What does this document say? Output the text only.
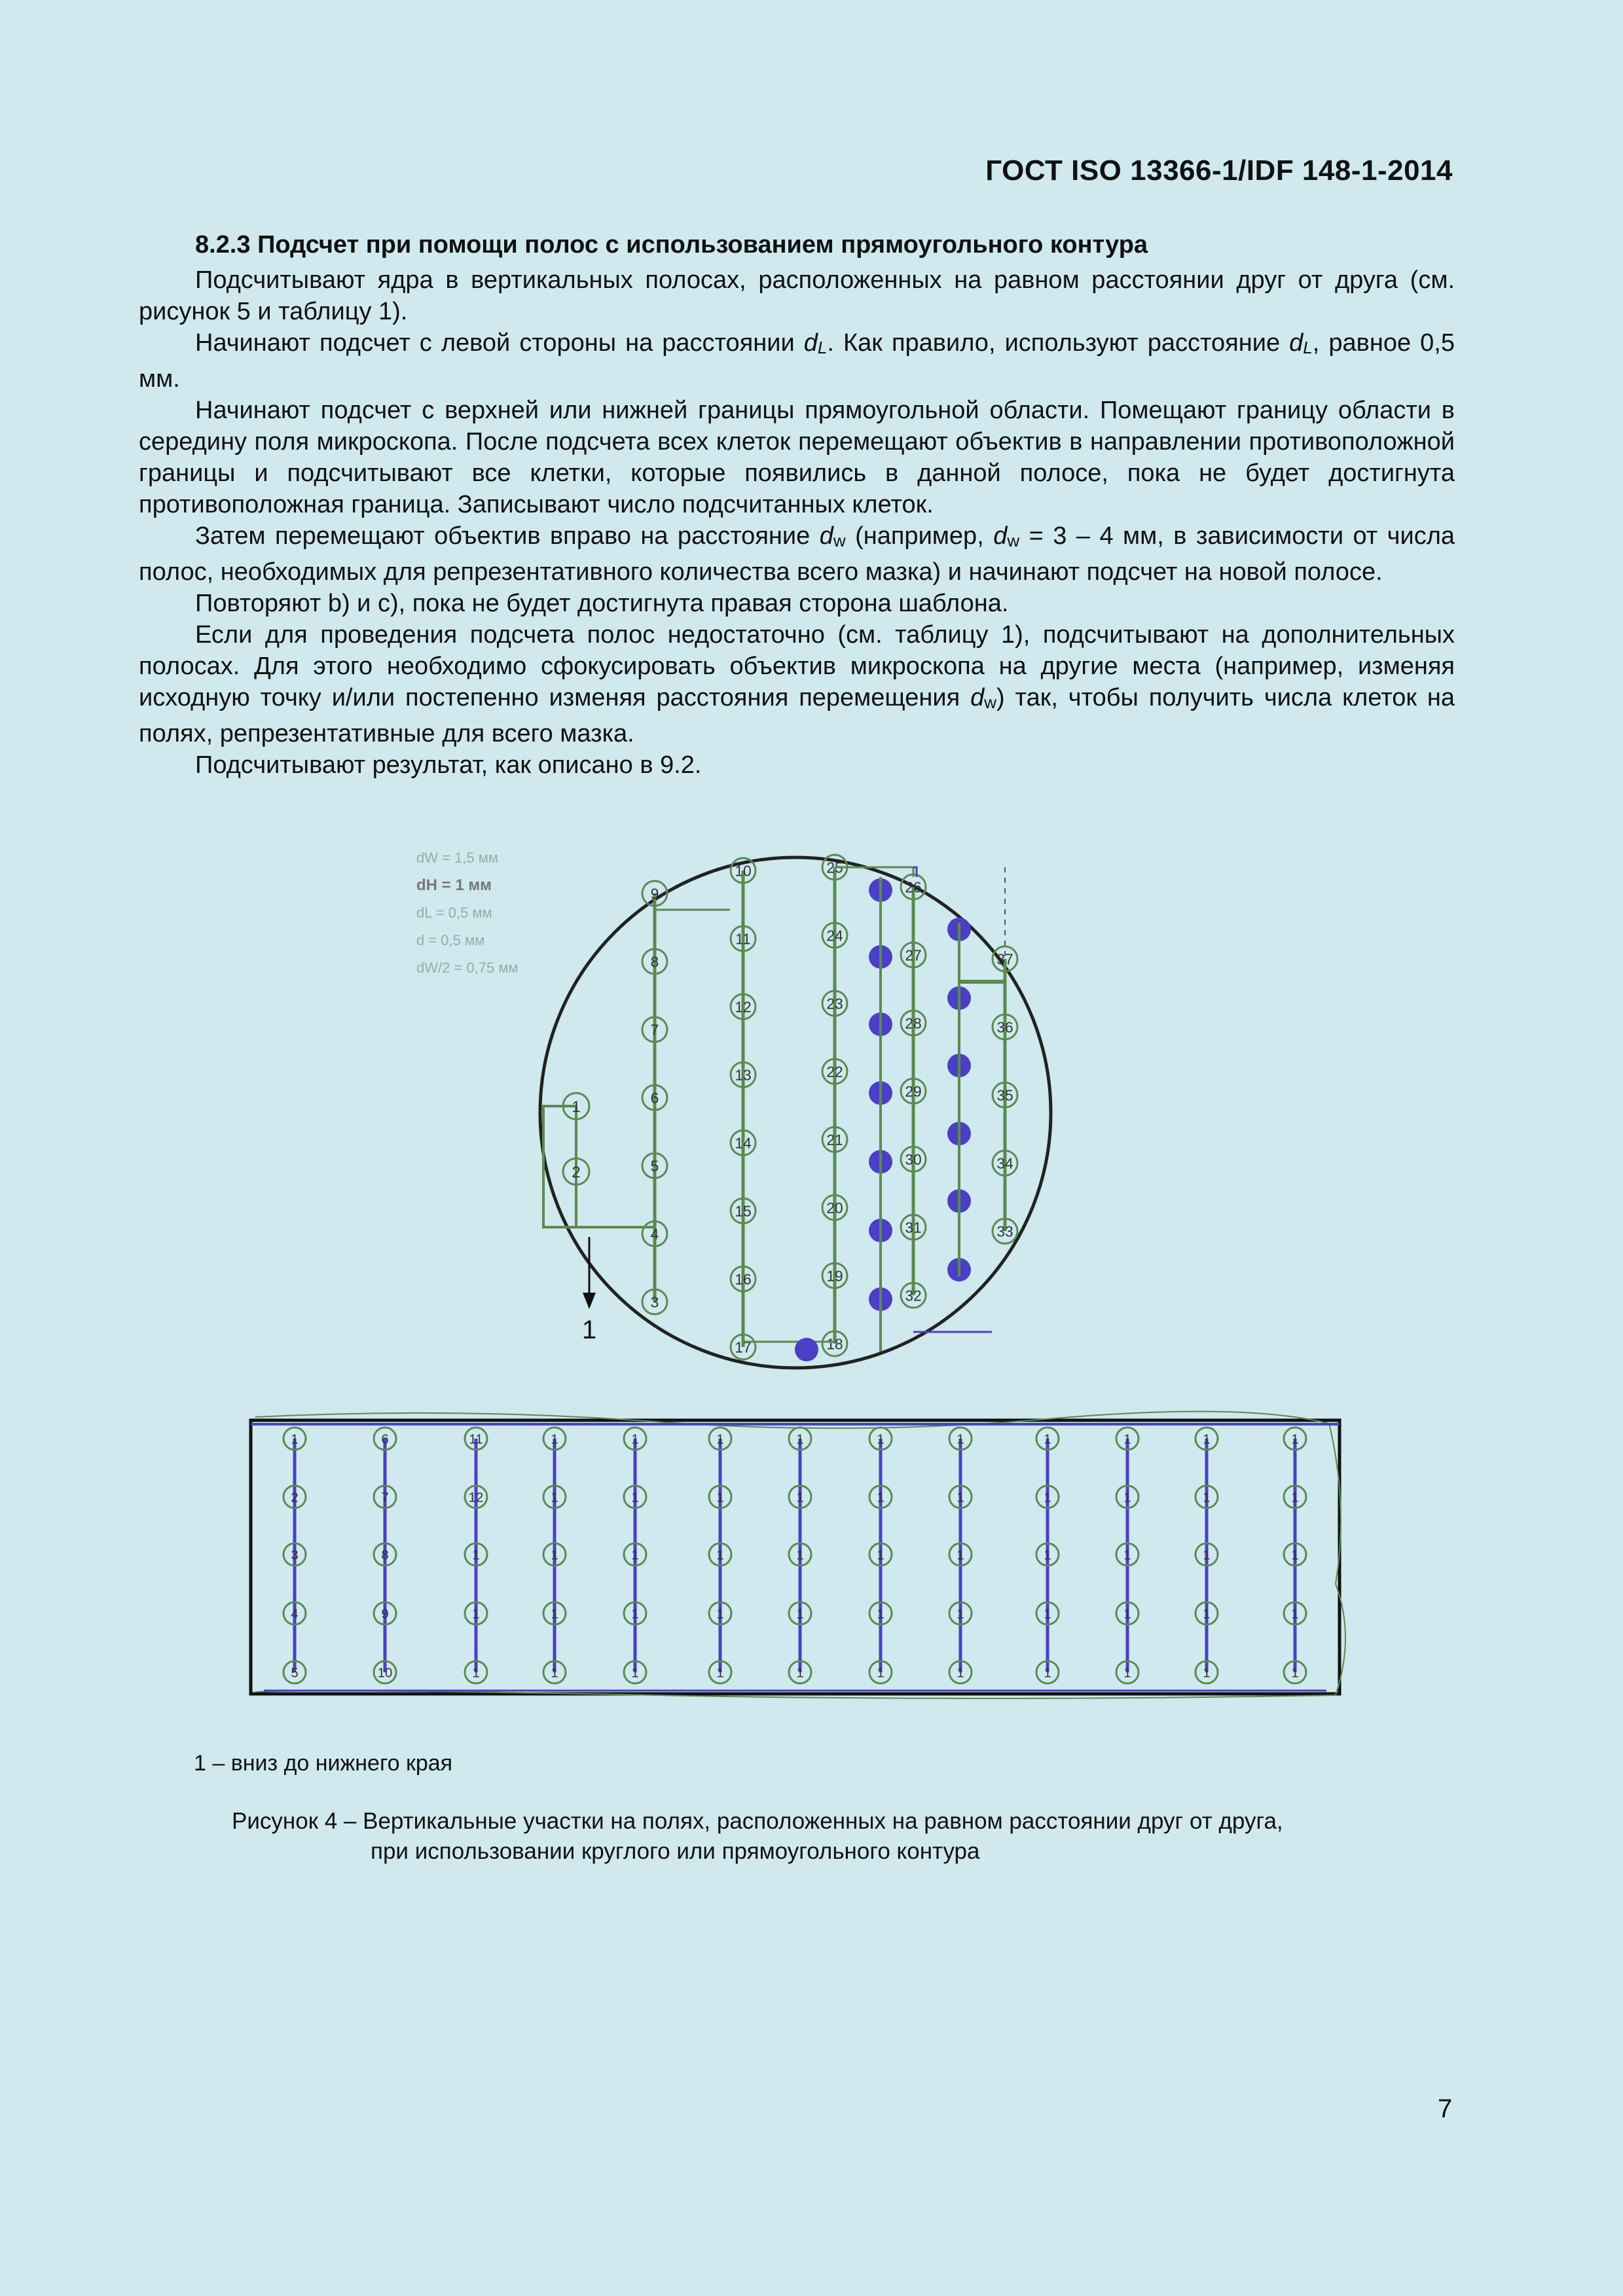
ГОСТ ISO 13366-1/IDF 148-1-2014
8.2.3 Подсчет при помощи полос с использованием прямоугольного контура

Подсчитывают ядра в вертикальных полосах, расположенных на равном расстоянии друг от друга (см. рисунок 5 и таблицу 1).

Начинают подсчет с левой стороны на расстоянии dL. Как правило, используют расстояние dL, равное 0,5 мм.

Начинают подсчет с верхней или нижней границы прямоугольной области. Помещают границу области в середину поля микроскопа. После подсчета всех клеток перемещают объектив в направлении противоположной границы и подсчитывают все клетки, которые появились в данной полосе, пока не будет достигнута противоположная граница. Записывают число подсчитанных клеток.

Затем перемещают объектив вправо на расстояние dw (например, dw = 3 – 4 мм, в зависимости от числа полос, необходимых для репрезентативного количества всего мазка) и начинают подсчет на новой полосе.

Повторяют b) и c), пока не будет достигнута правая сторона шаблона.

Если для проведения подсчета полос недостаточно (см. таблицу 1), подсчитывают на дополнительных полосах. Для этого необходимо сфокусировать объектив микроскопа на другие места (например, изменяя исходную точку и/или постепенно изменяя расстояния перемещения dw) так, чтобы получить числа клеток на полях, репрезентативные для всего мазка.

Подсчитывают результат, как описано в 9.2.

dW = 1,5 мм
dH = 1 мм
dL = 0,5 мм
d = 0,5 мм
dW/2 = 0,75 мм
1
2
1
9
8
7
6
5
4
3
10
11
12
13
14
15
16
17
25
24
23
22
21
20
19
18
26
27
28
29
30
31
32
37
36
35
34
33
1
2
3
4
5
6
7
8
9
10
11
12
1
1
1
1
1
1
1
1
1
1
1
1
1
1
1
1
1
1
1
1
1
1
1
1
1
1
1
1
1
1
1
1
1
1
1
1
1
1
1
1
1
1
1
1
1
1
1
1
1
1
1
1
1
1 – вниз до нижнего края
Рисунок 4 – Вертикальные участки на полях, расположенных на равном расстоянии друг от друга,
при использовании круглого или прямоугольного контура
7
